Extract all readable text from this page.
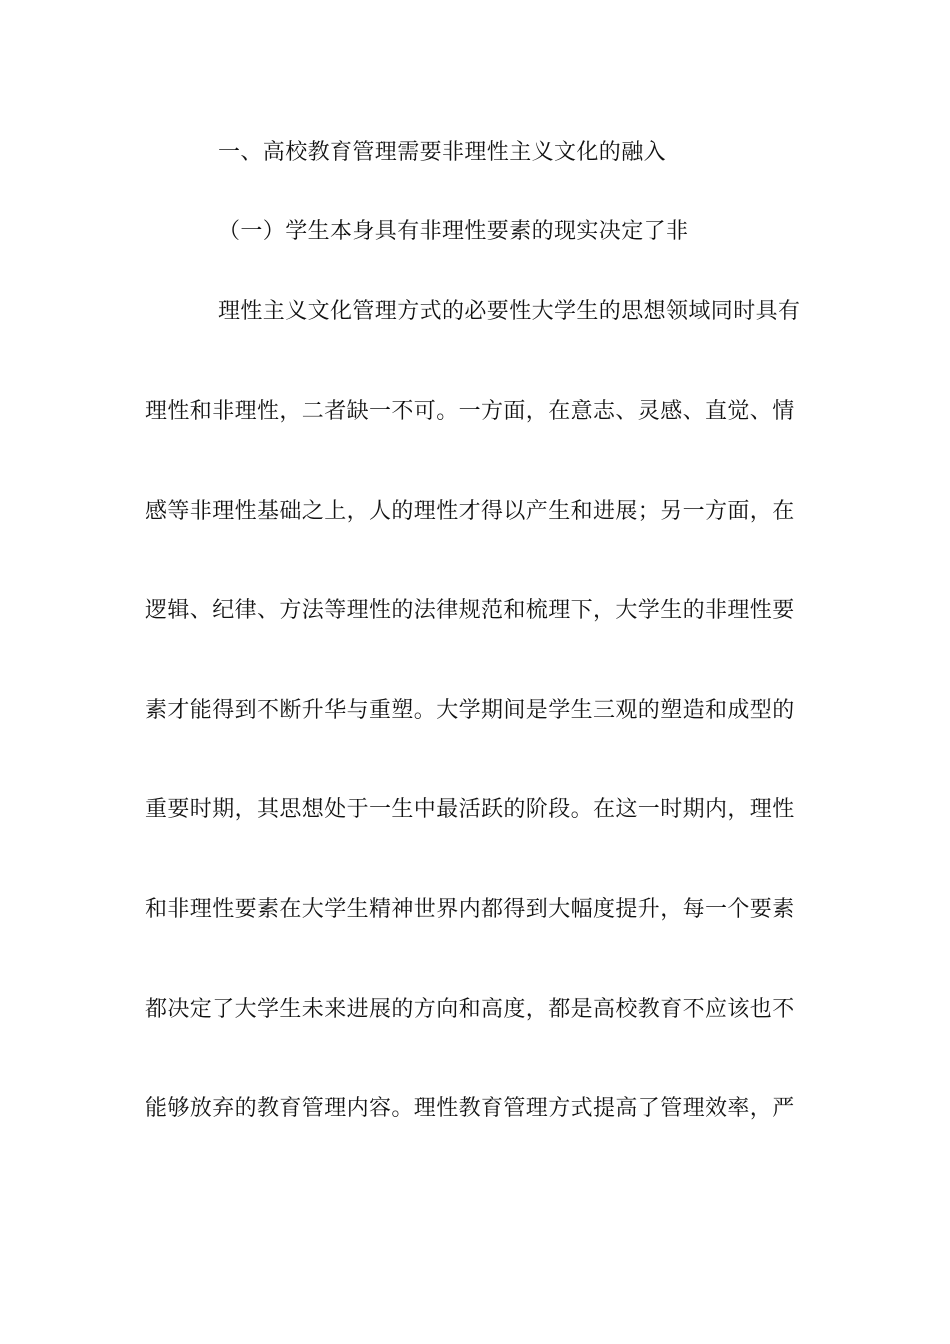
一、高校教育管理需要非理性主义文化的融入
（一）学生本身具有非理性要素的现实决定了非
理性主义文化管理方式的必要性大学生的思想领域同时具有
理性和非理性，二者缺一不可。一方面，在意志、灵感、直觉、情
感等非理性基础之上，人的理性才得以产生和进展；另一方面，在
逻辑、纪律、方法等理性的法律规范和梳理下，大学生的非理性要
素才能得到不断升华与重塑。大学期间是学生三观的塑造和成型的
重要时期，其思想处于一生中最活跃的阶段。在这一时期内，理性
和非理性要素在大学生精神世界内都得到大幅度提升，每一个要素
都决定了大学生未来进展的方向和高度，都是高校教育不应该也不
能够放弃的教育管理内容。理性教育管理方式提高了管理效率，严
